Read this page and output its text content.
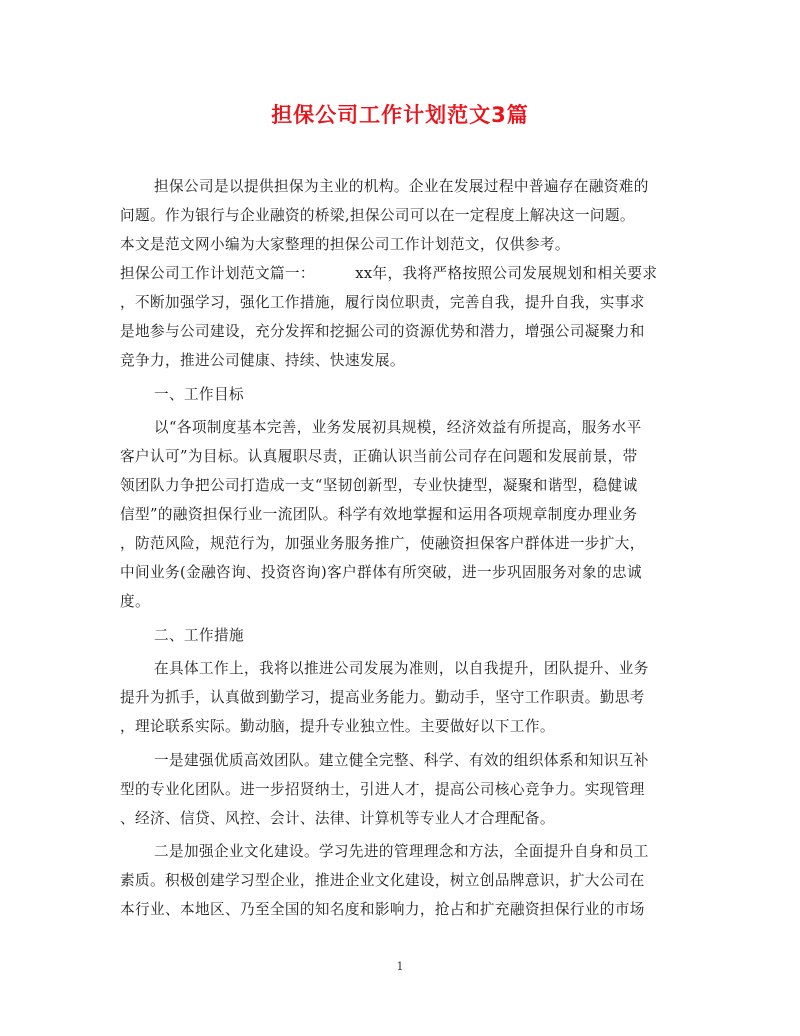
担保公司工作计划范文3篇
担保公司是以提供担保为主业的机构。企业在发展过程中普遍存在融资难的
问题。作为银行与企业融资的桥梁,担保公司可以在一定程度上解决这一问题。
本文是范文网小编为大家整理的担保公司工作计划范文，仅供参考。
担保公司工作计划范文篇一：        xx年，我将严格按照公司发展规划和相关要求
，不断加强学习，强化工作措施，履行岗位职责，完善自我，提升自我，实事求
是地参与公司建设，充分发挥和挖掘公司的资源优势和潜力，增强公司凝聚力和
竞争力，推进公司健康、持续、快速发展。
一、工作目标
以“各项制度基本完善，业务发展初具规模，经济效益有所提高，服务水平
客户认可”为目标。认真履职尽责，正确认识当前公司存在问题和发展前景，带
领团队力争把公司打造成一支“坚韧创新型，专业快捷型，凝聚和谐型，稳健诚
信型”的融资担保行业一流团队。科学有效地掌握和运用各项规章制度办理业务
，防范风险，规范行为，加强业务服务推广，使融资担保客户群体进一步扩大，
中间业务(金融咨询、投资咨询)客户群体有所突破，进一步巩固服务对象的忠诚
度。
二、工作措施
在具体工作上，我将以推进公司发展为准则，以自我提升，团队提升、业务
提升为抓手，认真做到勤学习，提高业务能力。勤动手，坚守工作职责。勤思考
，理论联系实际。勤动脑，提升专业独立性。主要做好以下工作。
一是建强优质高效团队。建立健全完整、科学、有效的组织体系和知识互补
型的专业化团队。进一步招贤纳士，引进人才，提高公司核心竞争力。实现管理
、经济、信贷、风控、会计、法律、计算机等专业人才合理配备。
二是加强企业文化建设。学习先进的管理理念和方法，全面提升自身和员工
素质。积极创建学习型企业，推进企业文化建设，树立创品牌意识，扩大公司在
本行业、本地区、乃至全国的知名度和影响力，抢占和扩充融资担保行业的市场
1
